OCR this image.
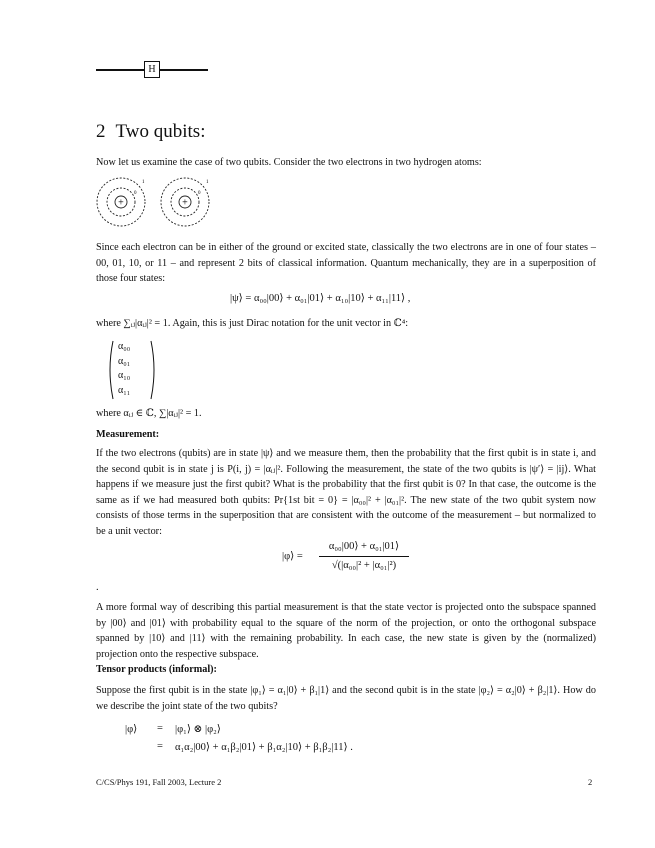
H
2 Two qubits:
Now let us examine the case of two qubits. Consider the two electrons in two hydrogen atoms:
+
0
1
+
0
1
Since each electron can be in either of the ground or excited state, classically the two electrons are in one of four states – 00, 01, 10, or 11 – and represent 2 bits of classical information. Quantum mechanically, they are in a superposition of those four states:
|ψ⟩ = α₀₀|00⟩ + α₀₁|01⟩ + α₁₀|10⟩ + α₁₁|11⟩ ,
where ∑ᵢⱼ|αᵢⱼ|² = 1. Again, this is just Dirac notation for the unit vector in ℂ⁴:
α₀₀
α₀₁
α₁₀
α₁₁
where αᵢⱼ ∈ ℂ, ∑|αᵢⱼ|² = 1.
Measurement:
If the two electrons (qubits) are in state |ψ⟩ and we measure them, then the probability that the first qubit is in state i, and the second qubit is in state j is P(i, j) = |αᵢⱼ|². Following the measurement, the state of the two qubits is |ψ′⟩ = |ij⟩. What happens if we measure just the first qubit? What is the probability that the first qubit is 0? In that case, the outcome is the same as if we had measured both qubits: Pr{1st bit = 0} = |α₀₀|² + |α₀₁|². The new state of the two qubit system now consists of those terms in the superposition that are consistent with the outcome of the measurement – but normalized to be a unit vector:
|φ⟩ =
α₀₀|00⟩ + α₀₁|01⟩
√(|α₀₀|² + |α₀₁|²)
.
A more formal way of describing this partial measurement is that the state vector is projected onto the subspace spanned by |00⟩ and |01⟩ with probability equal to the square of the norm of the projection, or onto the orthogonal subspace spanned by |10⟩ and |11⟩ with the remaining probability. In each case, the new state is given by the (normalized) projection onto the respective subspace.
Tensor products (informal):
Suppose the first qubit is in the state |φ₁⟩ = α₁|0⟩ + β₁|1⟩ and the second qubit is in the state |φ₂⟩ = α₂|0⟩ + β₂|1⟩. How do we describe the joint state of the two qubits?
|φ⟩ = |φ₁⟩ ⊗ |φ₂⟩
= α₁α₂|00⟩ + α₁β₂|01⟩ + β₁α₂|10⟩ + β₁β₂|11⟩ .
C/CS/Phys 191, Fall 2003, Lecture 2	2
